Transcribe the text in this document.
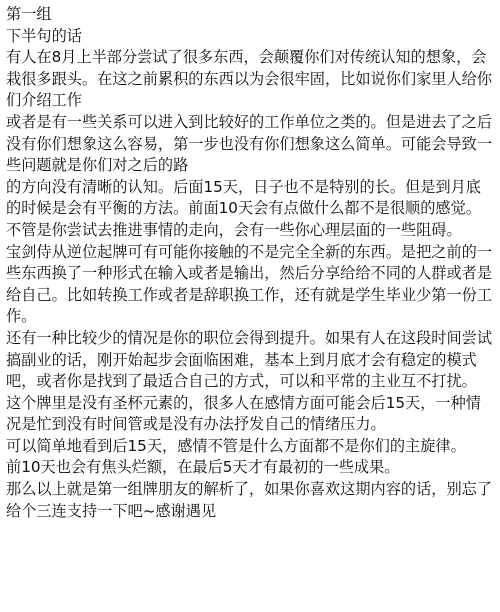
第一组

下半句的话

有人在8月上半部分尝试了很多东西，会颠覆你们对传统认知的想象，会栽很多跟头。在这之前累积的东西以为会很牢固，比如说你们家里人给你们介绍工作

或者是有一些关系可以进入到比较好的工作单位之类的。但是进去了之后没有你们想象这么容易，第一步也没有你们想象这么简单。可能会导致一些问题就是你们对之后的路

的方向没有清晰的认知。后面15天，日子也不是特别的长。但是到月底的时候是会有平衡的方法。前面10天会有点做什么都不是很顺的感觉。不管是你尝试去推进事情的走向，会有一些你心理层面的一些阻碍。

宝剑侍从逆位起牌可有可能你接触的不是完全全新的东西。是把之前的一些东西换了一种形式在输入或者是输出，然后分享给给不同的人群或者是给自己。比如转换工作或者是辞职换工作，还有就是学生毕业少第一份工作。

还有一种比较少的情况是你的职位会得到提升。如果有人在这段时间尝试搞副业的话，刚开始起步会面临困难，基本上到月底才会有稳定的模式吧，或者你是找到了最适合自己的方式，可以和平常的主业互不打扰。

这个牌里是没有圣杯元素的，很多人在感情方面可能会后15天，一种情况是忙到没有时间管或是没有办法抒发自己的情绪压力。

可以简单地看到后15天，感情不管是什么方面都不是你们的主旋律。

前10天也会有焦头烂额，在最后5天才有最初的一些成果。

那么以上就是第一组牌朋友的解析了，如果你喜欢这期内容的话，别忘了给个三连支持一下吧~感谢遇见
